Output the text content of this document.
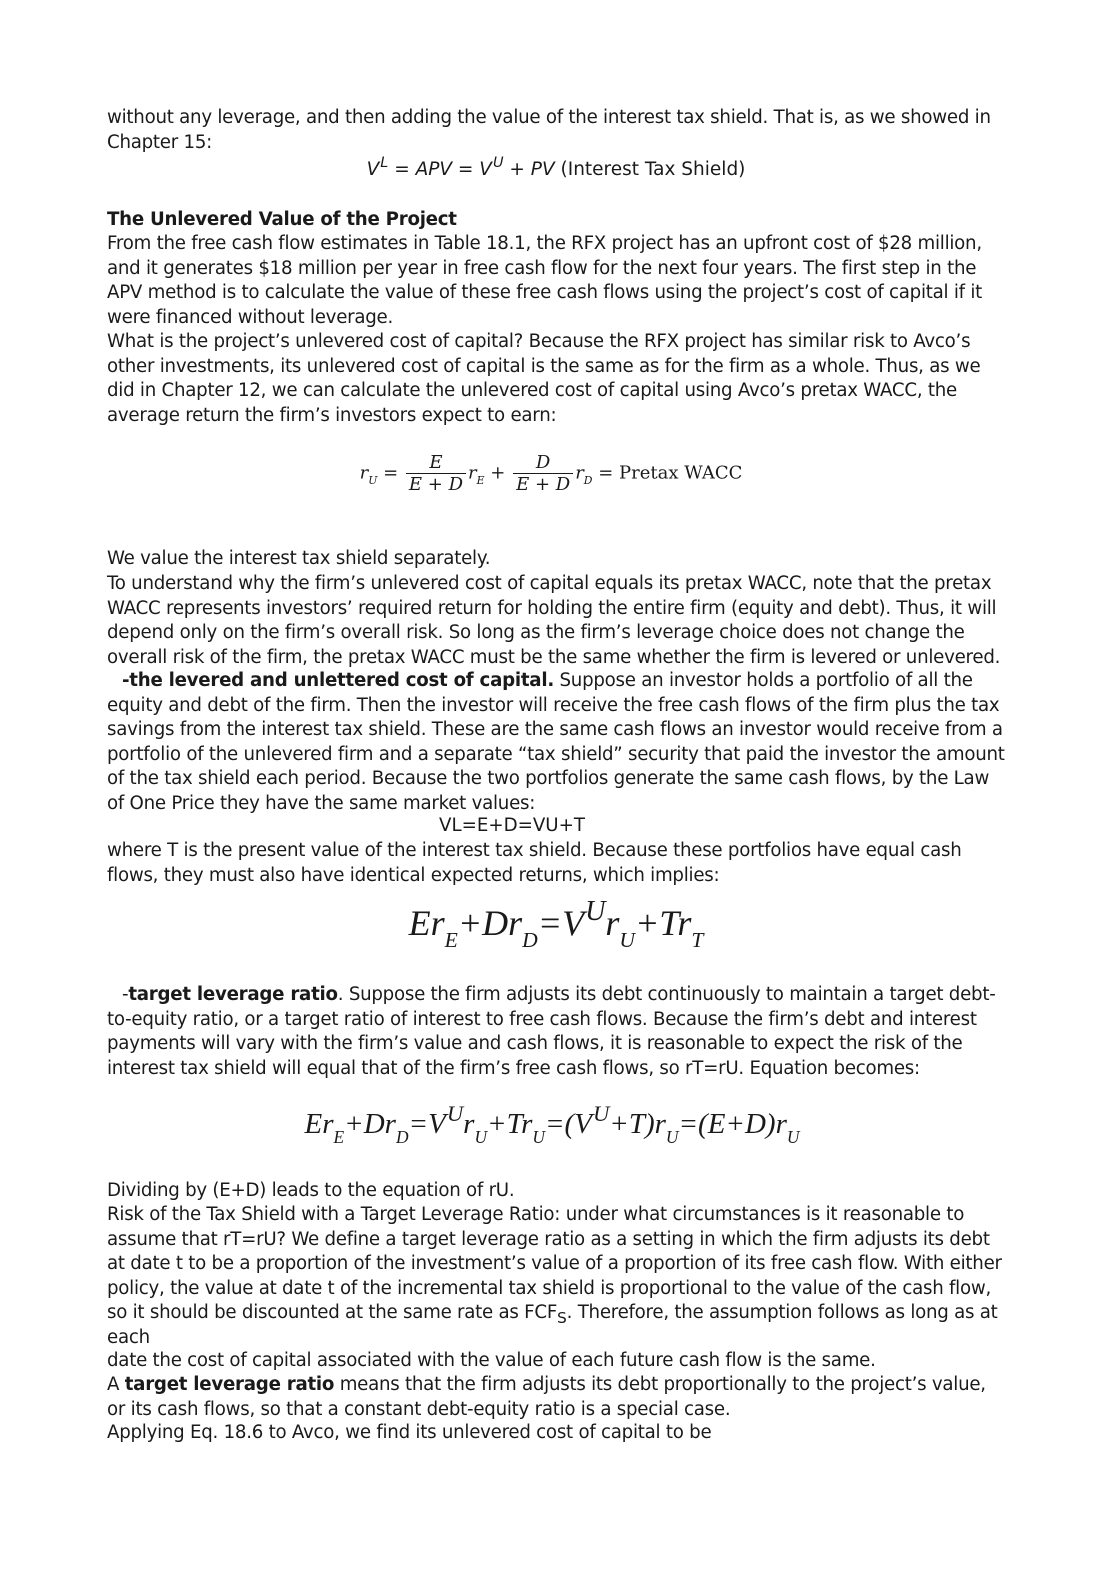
without any leverage, and then adding the value of the interest tax shield. That is, as we showed in Chapter 15:

$V^L$ = APV = $V^U$ + PV (Interest Tax Shield)

The Unlevered Value of the Project

From the free cash flow estimates in Table 18.1, the RFX project has an upfront cost of $28 million, and it generates $18 million per year in free cash flow for the next four years. The first step in the APV method is to calculate the value of these free cash flows using the project’s cost of capital if it were financed without leverage.

What is the project’s unlevered cost of capital? Because the RFX project has similar risk to Avco’s other investments, its unlevered cost of capital is the same as for the firm as a whole. Thus, as we did in Chapter 12, we can calculate the unlevered cost of capital using Avco’s pretax WACC, the average return the firm’s investors expect to earn:

$r_U = \frac{E}{E + D} r_E + \frac{D}{E + D} r_D$ = Pretax WACC

We value the interest tax shield separately.

To understand why the firm’s unlevered cost of capital equals its pretax WACC, note that the pretax WACC represents investors’ required return for holding the entire firm (equity and debt). Thus, it will depend only on the firm’s overall risk. So long as the firm’s leverage choice does not change the overall risk of the firm, the pretax WACC must be the same whether the firm is levered or unlevered.

-the levered and unlettered cost of capital. Suppose an investor holds a portfolio of all the equity and debt of the firm. Then the investor will receive the free cash flows of the firm plus the tax savings from the interest tax shield. These are the same cash flows an investor would receive from a portfolio of the unlevered firm and a separate “tax shield” security that paid the investor the amount of the tax shield each period. Because the two portfolios generate the same cash flows, by the Law of One Price they have the same market values:

VL=E+D=VU+T

where T is the present value of the interest tax shield. Because these portfolios have equal cash flows, they must also have identical expected returns, which implies:

$Er_E+Dr_D=V^Ur_U+Tr_T$

-target leverage ratio. Suppose the firm adjusts its debt continuously to maintain a target debt-to-equity ratio, or a target ratio of interest to free cash flows. Because the firm’s debt and interest payments will vary with the firm’s value and cash flows, it is reasonable to expect the risk of the interest tax shield will equal that of the firm’s free cash flows, so rT=rU. Equation becomes:

$Er_E+Dr_D=V^Ur_U+Tr_U=(V^U+T)r_U=(E+D)r_U$

Dividing by (E+D) leads to the equation of rU.

Risk of the Tax Shield with a Target Leverage Ratio: under what circumstances is it reasonable to assume that rT=rU? We define a target leverage ratio as a setting in which the firm adjusts its debt at date t to be a proportion of the investment’s value of a proportion of its free cash flow. With either policy, the value at date t of the incremental tax shield is proportional to the value of the cash flow, so it should be discounted at the same rate as FCFS. Therefore, the assumption follows as long as at each

date the cost of capital associated with the value of each future cash flow is the same.

A target leverage ratio means that the firm adjusts its debt proportionally to the project’s value, or its cash flows, so that a constant debt-equity ratio is a special case.

Applying Eq. 18.6 to Avco, we find its unlevered cost of capital to be
